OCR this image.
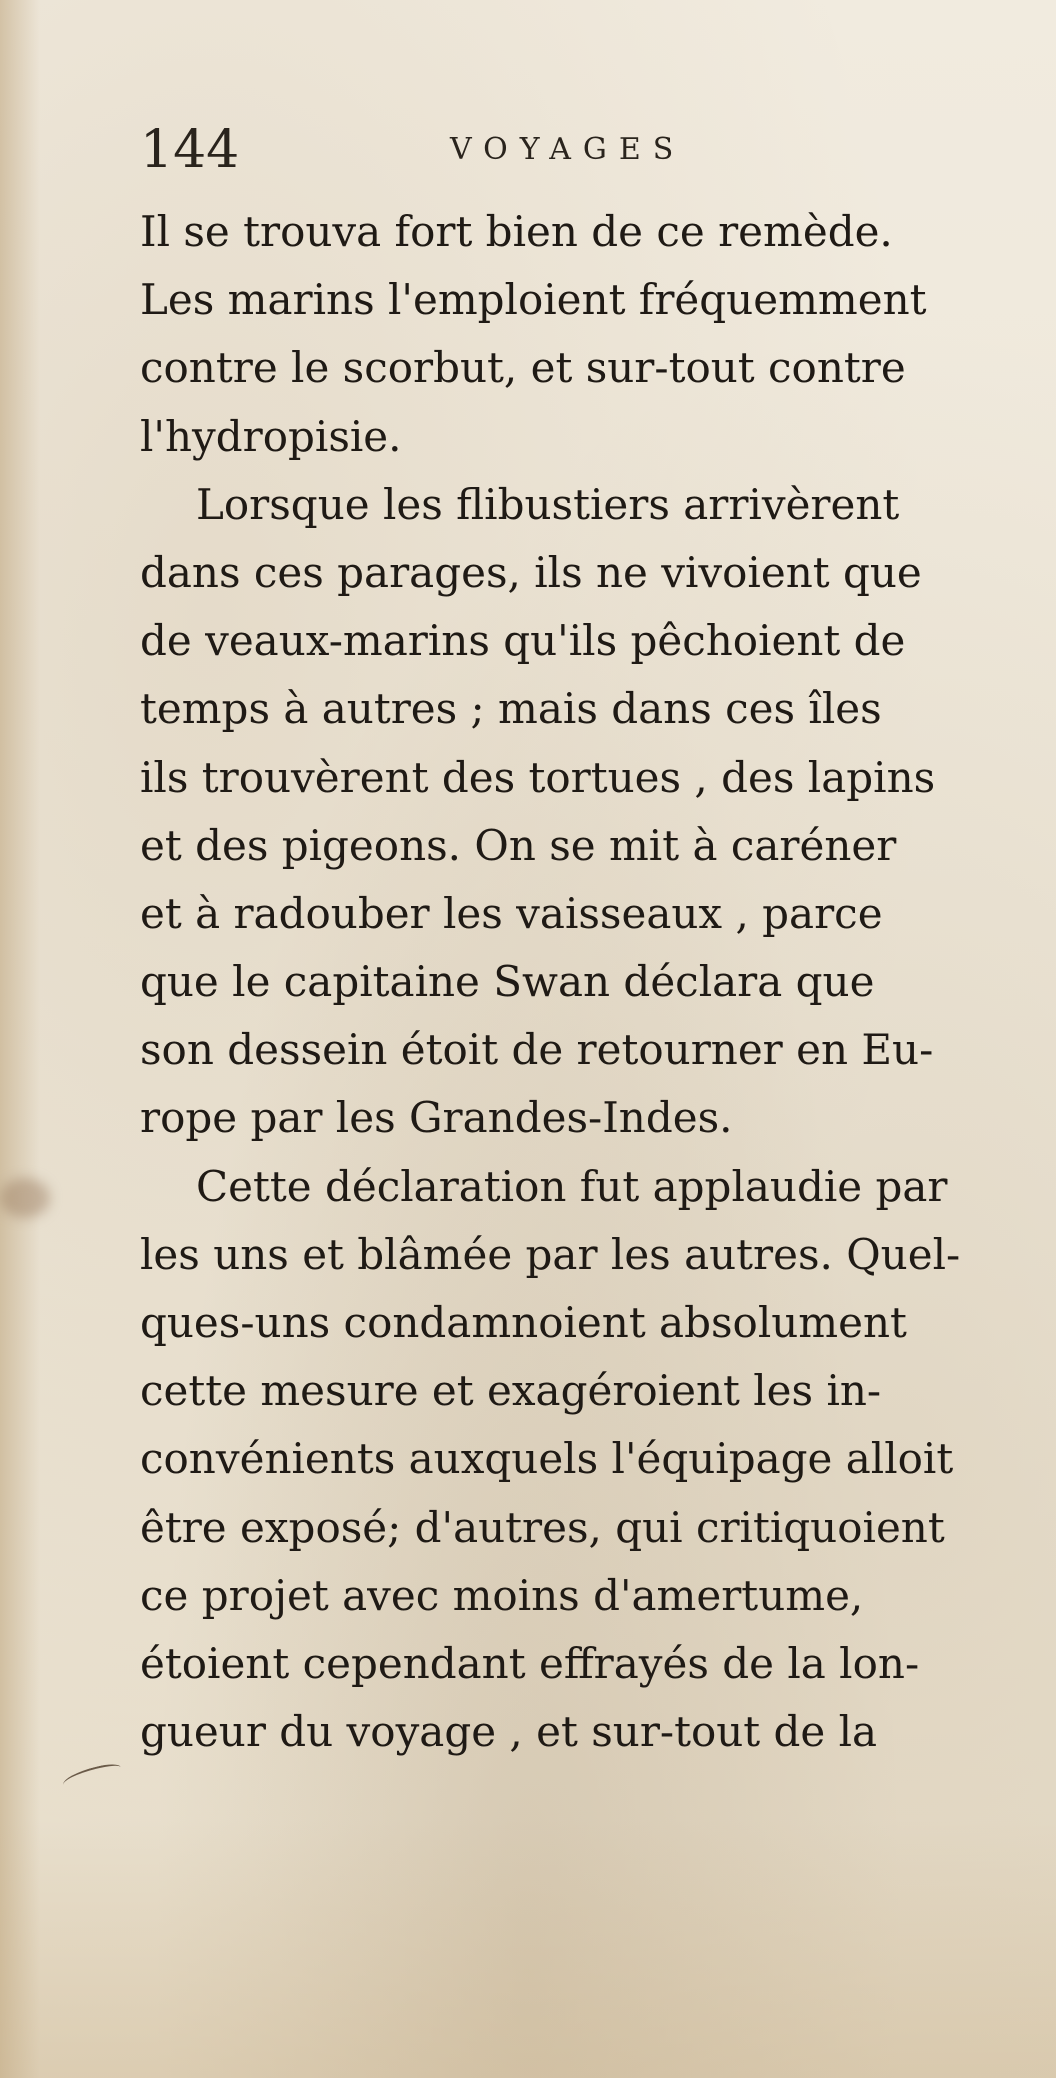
144	VOYAGES
Il se trouva fort bien de ce remède.
Les marins l'emploient fréquemment
contre le scorbut, et sur-tout contre
l'hydropisie.
Lorsque les flibustiers arrivèrent
dans ces parages, ils ne vivoient que
de veaux-marins qu'ils pêchoient de
temps à autres ; mais dans ces îles
ils trouvèrent des tortues , des lapins
et des pigeons. On se mit à caréner
et à radouber les vaisseaux , parce
que le capitaine Swan déclara que
son dessein étoit de retourner en Eu-
rope par les Grandes-Indes.
Cette déclaration fut applaudie par
les uns et blâmée par les autres. Quel-
ques-uns condamnoient absolument
cette mesure et exagéroient les in-
convénients auxquels l'équipage alloit
être exposé; d'autres, qui critiquoient
ce projet avec moins d'amertume,
étoient cependant effrayés de la lon-
gueur du voyage , et sur-tout de la
